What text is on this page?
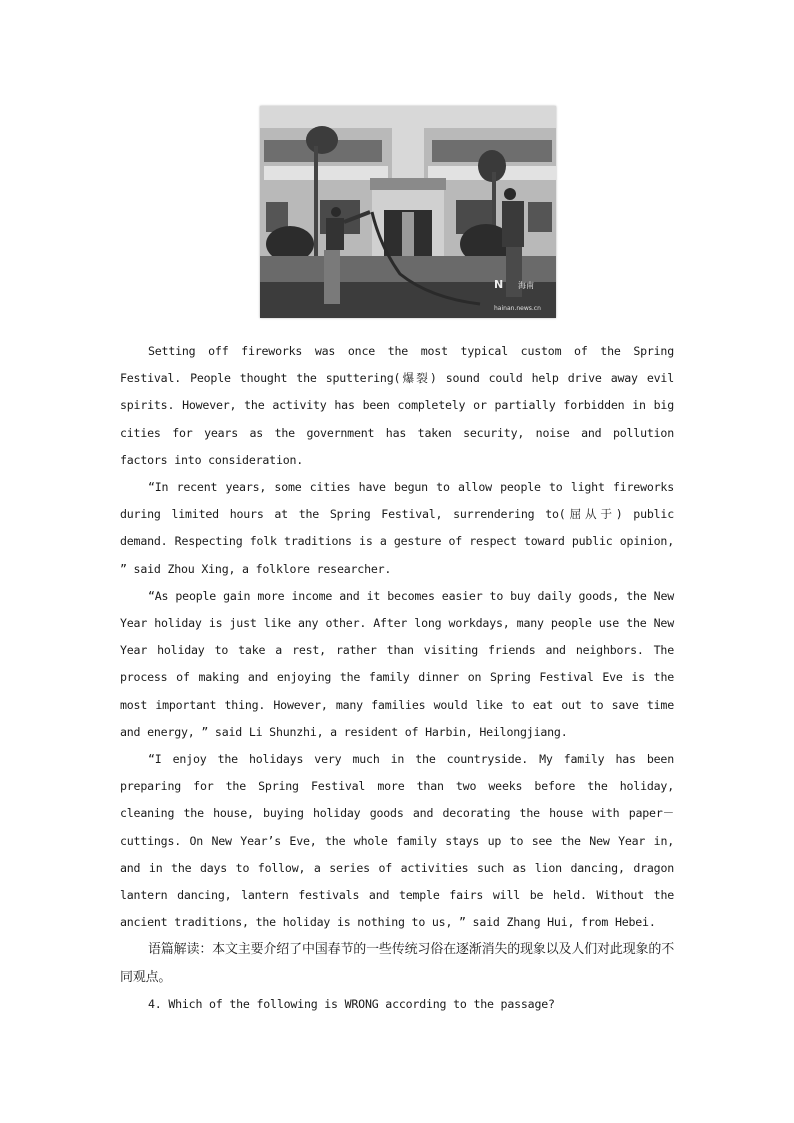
N 海南
hainan.news.cn

Setting off fireworks was once the most typical custom of the Spring Festival. People thought the sputtering(爆裂) sound could help drive away evil spirits. However, the activity has been completely or partially forbidden in big cities for years as the government has taken security, noise and pollution factors into consideration.

“In recent years, some cities have begun to allow people to light fireworks during limited hours at the Spring Festival, surrendering to(屈从于) public demand. Respecting folk traditions is a gesture of respect toward public opinion, ” said Zhou Xing, a folklore researcher.

“As people gain more income and it becomes easier to buy daily goods, the New Year holiday is just like any other. After long workdays, many people use the New Year holiday to take a rest, rather than visiting friends and neighbors. The process of making and enjoying the family dinner on Spring Festival Eve is the most important thing. However, many families would like to eat out to save time and energy, ” said Li Shunzhi, a resident of Harbin, Heilongjiang.

“I enjoy the holidays very much in the countryside. My family has been preparing for the Spring Festival more than two weeks before the holiday, cleaning the house, buying holiday goods and decorating the house with paper－cuttings. On New Year’s Eve, the whole family stays up to see the New Year in, and in the days to follow, a series of activities such as lion dancing, dragon lantern dancing, lantern festivals and temple fairs will be held. Without the ancient traditions, the holiday is nothing to us, ” said Zhang Hui, from Hebei.

语篇解读：本文主要介绍了中国春节的一些传统习俗在逐渐消失的现象以及人们对此现象的不同观点。

4. Which of the following is WRONG according to the passage?
